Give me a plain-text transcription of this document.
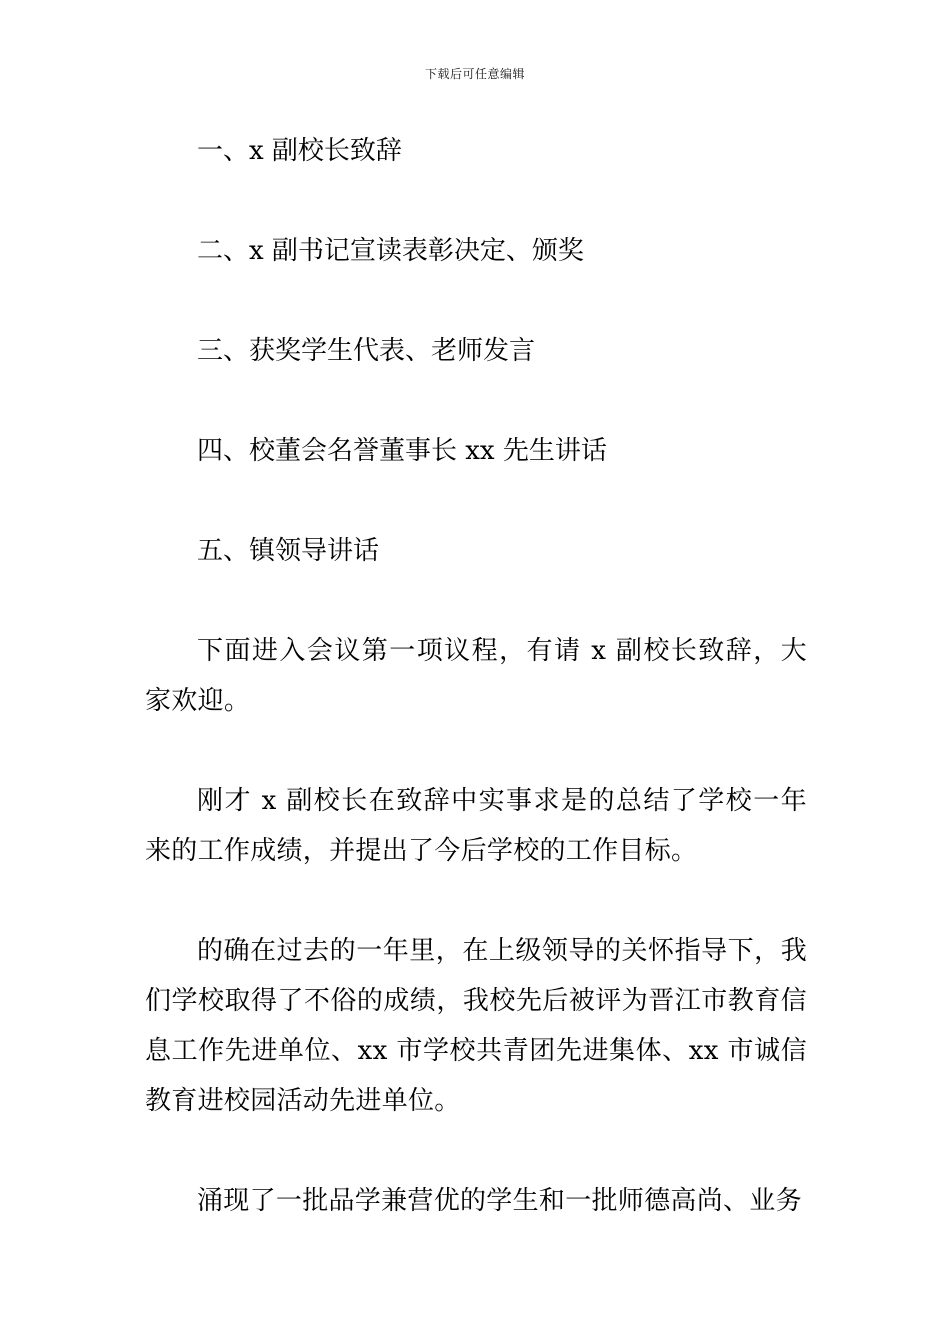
下载后可任意编辑

一、x 副校长致辞

二、x 副书记宣读表彰决定、颁奖

三、获奖学生代表、老师发言

四、校董会名誉董事长 xx 先生讲话

五、镇领导讲话

下面进入会议第一项议程，有请 x 副校长致辞，大家欢迎。

刚才 x 副校长在致辞中实事求是的总结了学校一年来的工作成绩，并提出了今后学校的工作目标。

的确在过去的一年里，在上级领导的关怀指导下，我们学校取得了不俗的成绩，我校先后被评为晋江市教育信息工作先进单位、xx 市学校共青团先进集体、xx 市诚信教育进校园活动先进单位。

涌现了一批品学兼营优的学生和一批师德高尚、业务
